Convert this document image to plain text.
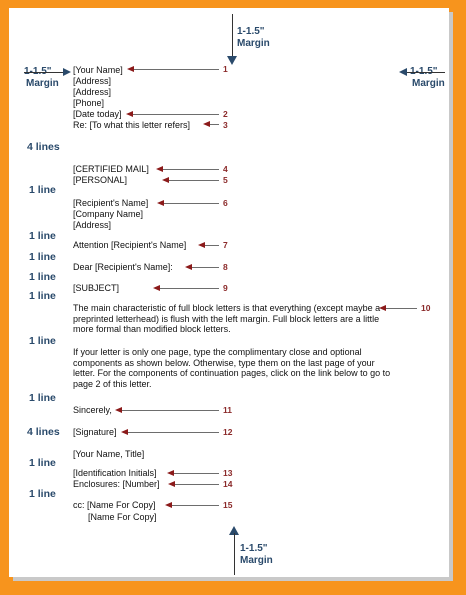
1-1.5"
Margin
Margin	Margin
1-1.5"
Margin
4 lines
1 line
1 line
1 line
1 line
1 line
1 line
1 line
4 lines
1 line
1 line
[Your Name]
[Address]
[Address]
[Phone]
[Date today]
Re: [To what this letter refers]
[CERTIFIED MAIL]
[PERSONAL]
[Recipient's Name]
[Company Name]
[Address]
Attention [Recipient's Name]
Dear [Recipient's Name]:
[SUBJECT]
The main characteristic of full block letters is that everything (except maybe a preprinted letterhead) is flush with the left margin. Full block letters are a little more formal than modified block letters.
If your letter is only one page, type the complimentary close and optional components as shown below. Otherwise, type them on the last page of your letter. For the components of continuation pages, click on the link below to go to page 2 of this letter.
Sincerely,
[Signature]
[Your Name, Title]
[Identification Initials]
Enclosures: [Number]
cc: [Name For Copy]
[Name For Copy]
1
2
3
4
5
6
7
8
9
10
11
12
13
14
15
